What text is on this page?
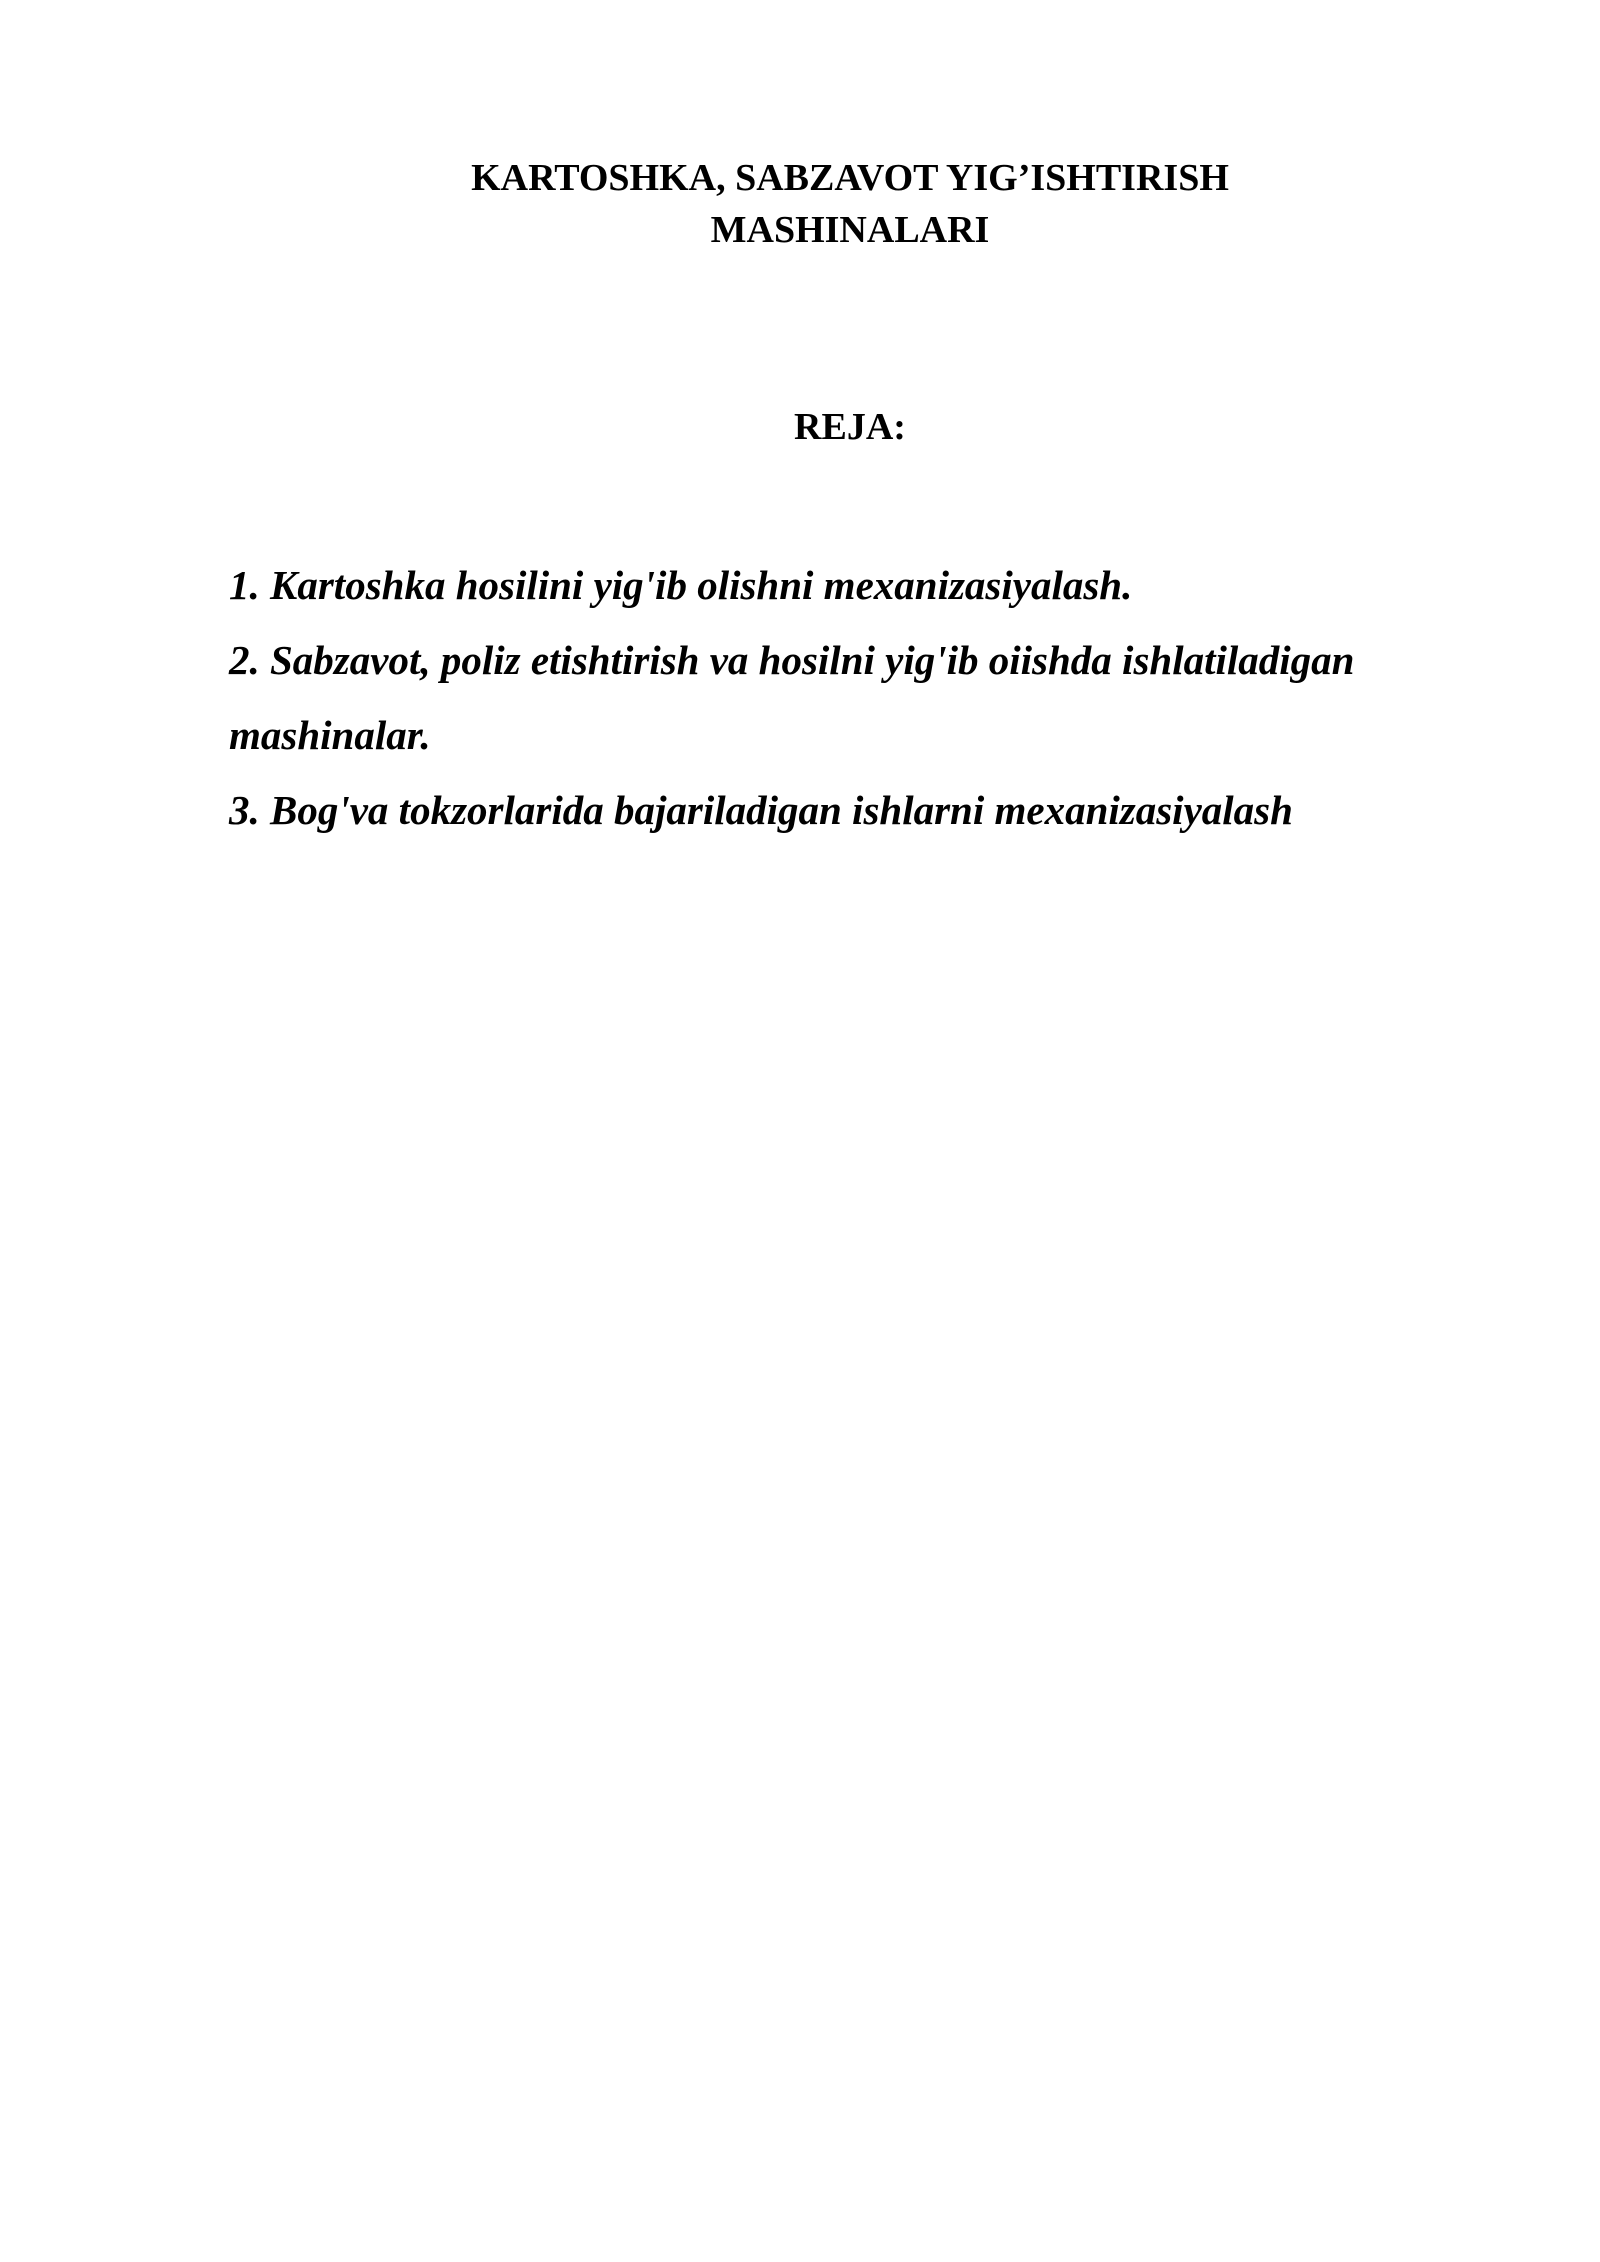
KARTOSHKA, SABZAVOT YIG’ISHTIRISH
MASHINALARI
REJA:
1. Kartoshka hosilini yig'ib olishni mexanizasiyalash.
2. Sabzavot, poliz etishtirish va hosilni yig'ib oiishda ishlatiladigan
mashinalar.
3. Bog'va tokzorlarida bajariladigan ishlarni mexanizasiyalash
